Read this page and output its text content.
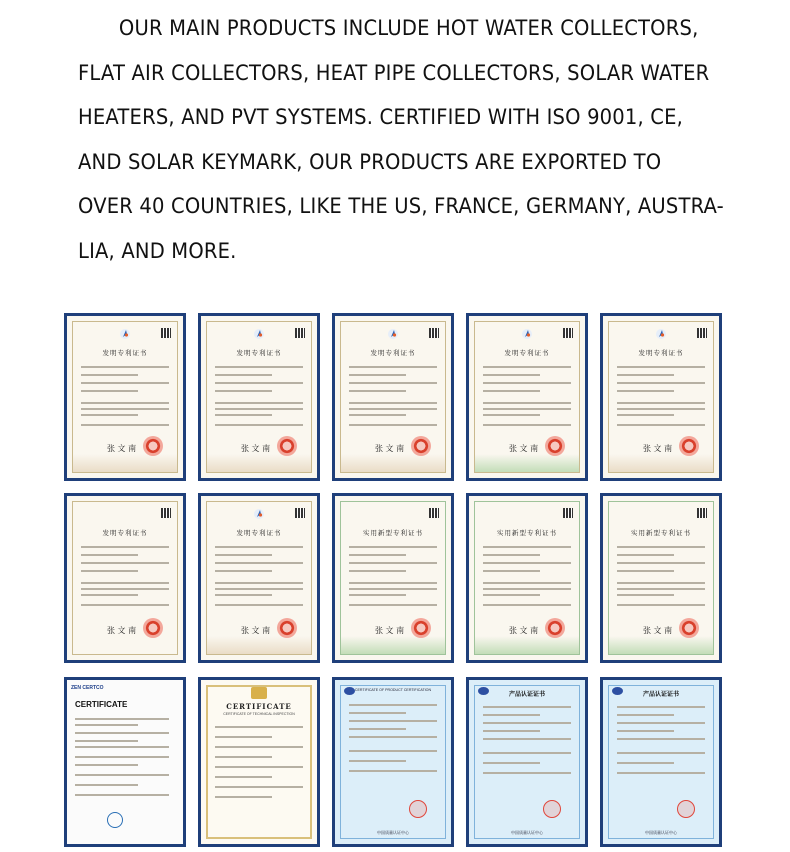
OUR MAIN PRODUCTS INCLUDE HOT WATER COLLECTORS,
FLAT AIR COLLECTORS, HEAT PIPE COLLECTORS, SOLAR WATER
HEATERS, AND PVT SYSTEMS. CERTIFIED WITH ISO 9001, CE,
AND SOLAR KEYMARK, OUR PRODUCTS ARE EXPORTED TO
OVER 40 COUNTRIES, LIKE THE US, FRANCE, GERMANY, AUSTRA-
LIA, AND MORE.
发明专利证书
张 文 南
发明专利证书
张 文 南
发明专利证书
张 文 南
发明专利证书
张 文 南
发明专利证书
张 文 南
发明专利证书
张 文 南
发明专利证书
张 文 南
实用新型专利证书
张 文 南
实用新型专利证书
张 文 南
实用新型专利证书
张 文 南
ZEN CERTCO
CERTIFICATE	CERTIFICATE
CERTIFICATE OF TECHNICAL INSPECTION
CERTIFICATE OF PRODUCT CERTIFICATION
中国质量认证中心
产品认证证书
中国质量认证中心
产品认证证书
中国质量认证中心
